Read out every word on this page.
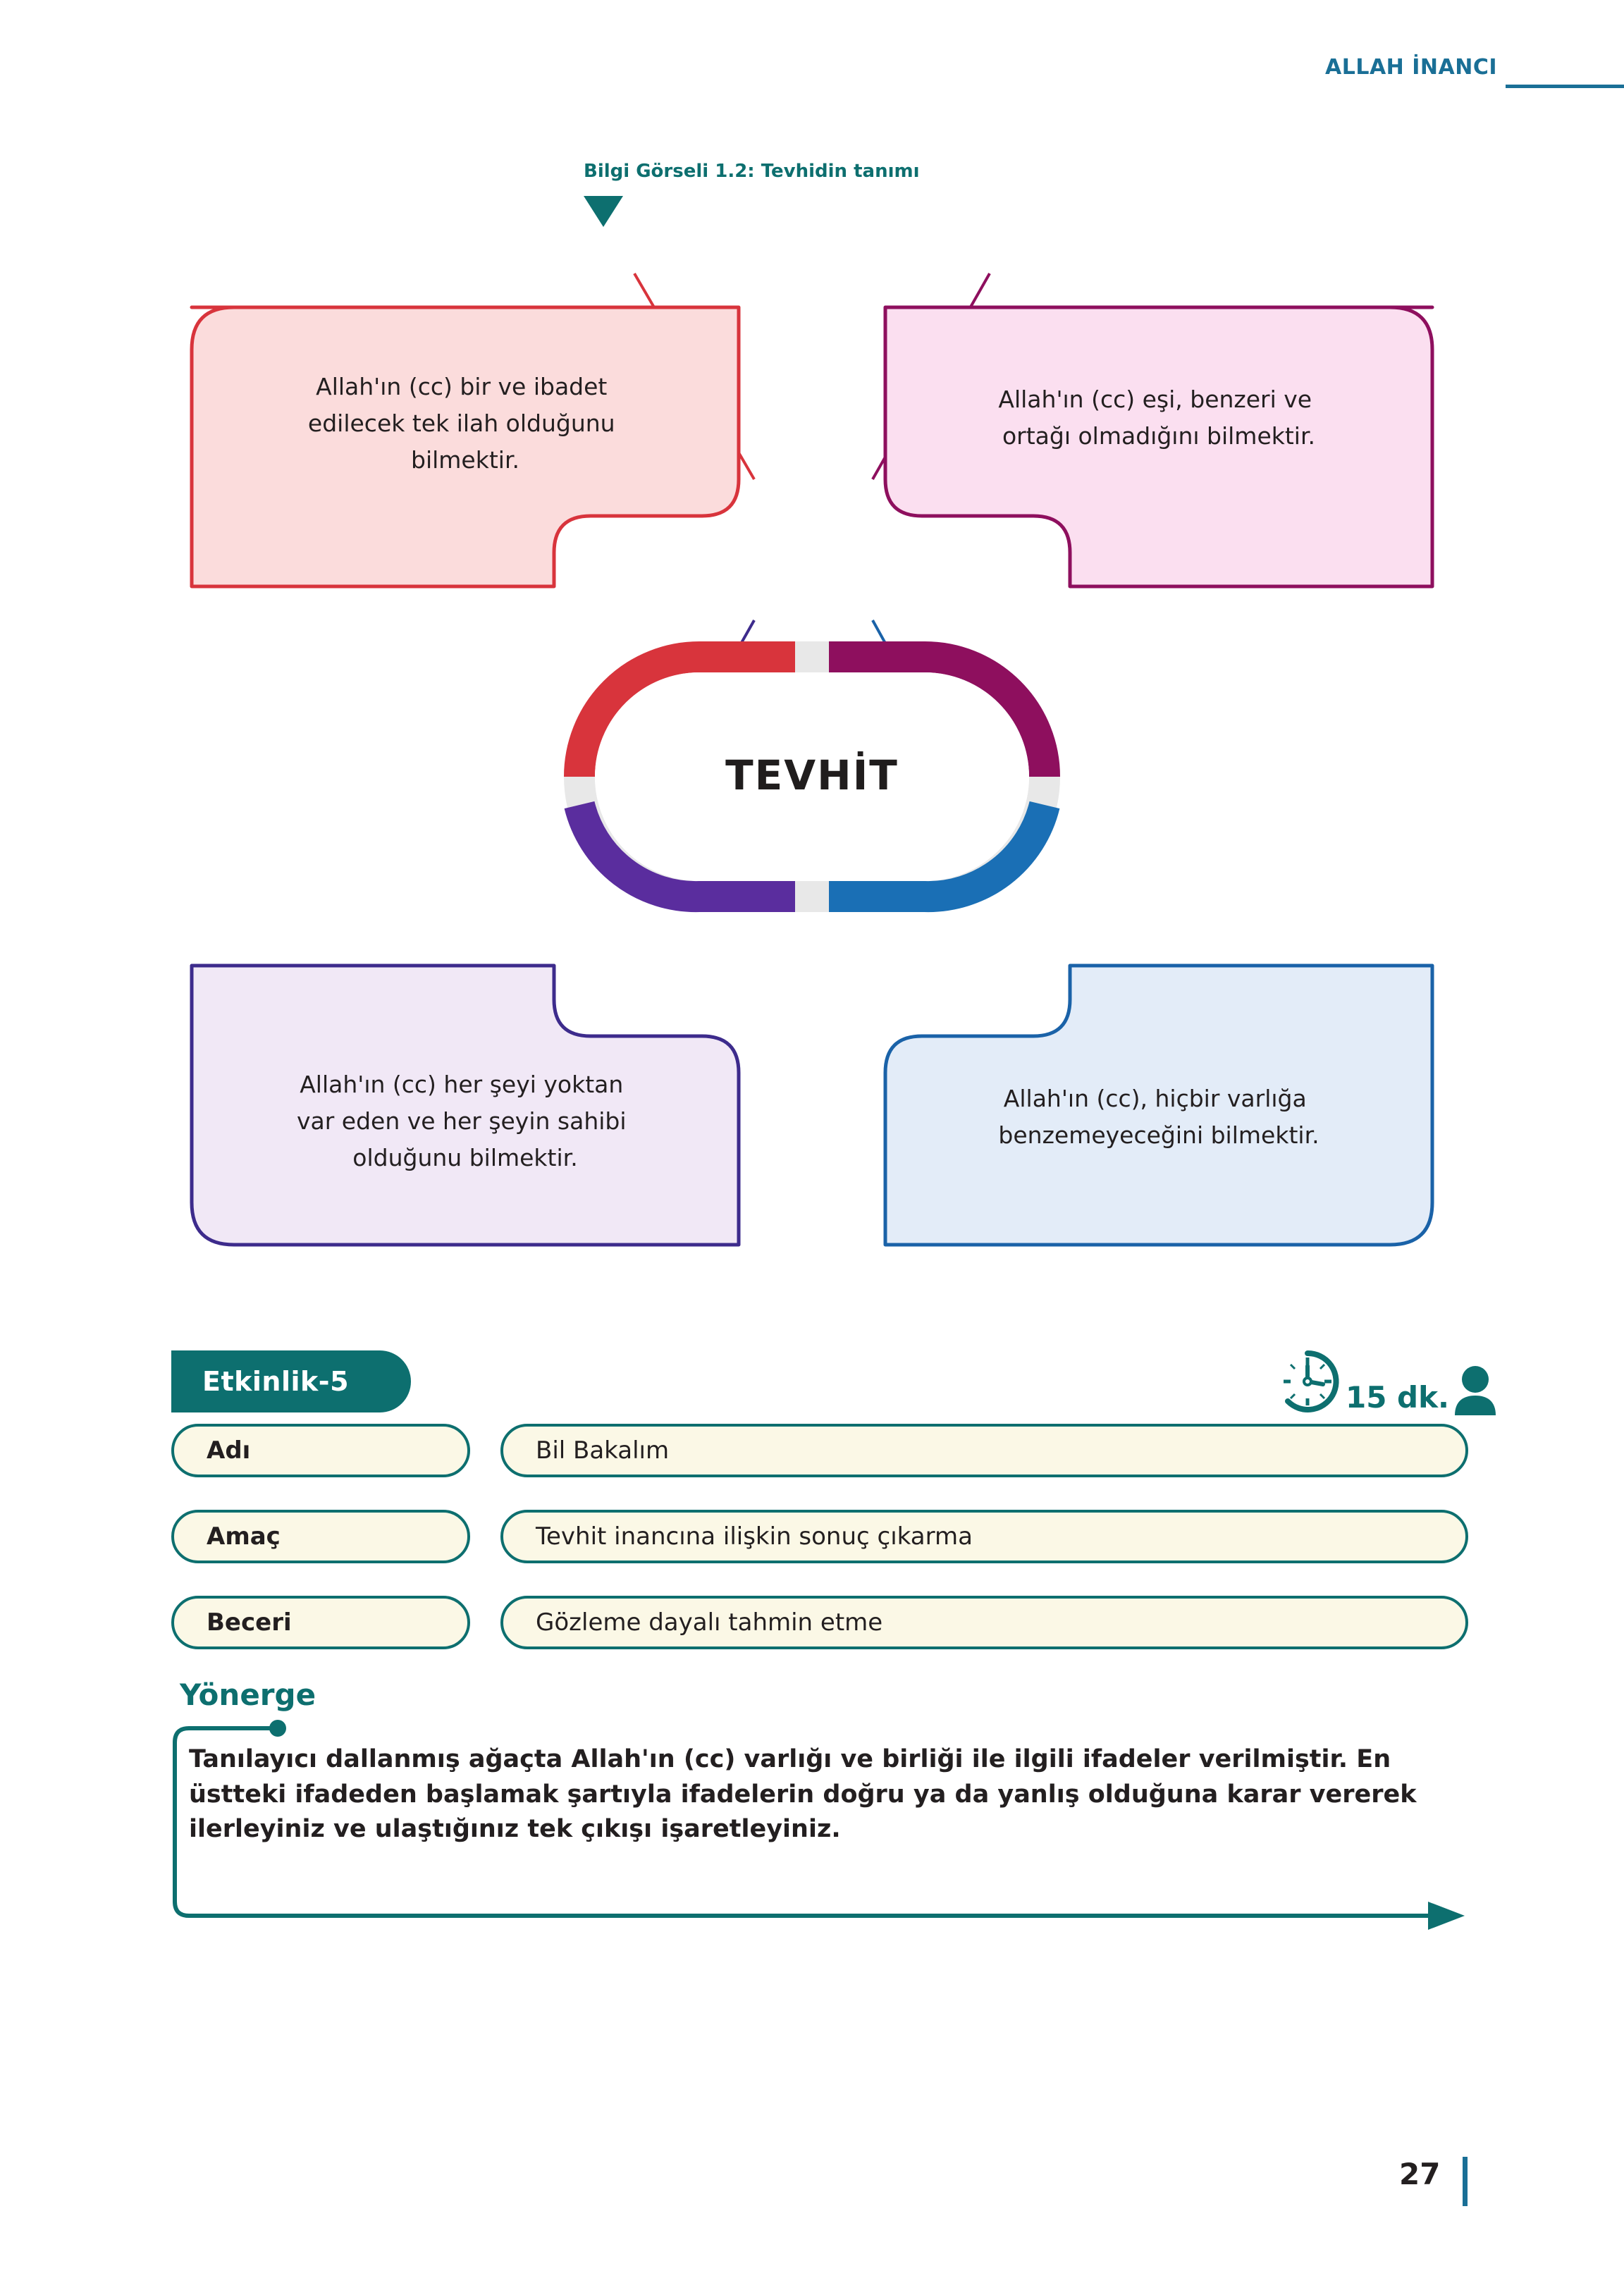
ALLAH İNANCI
Bilgi Görseli 1.2: Tevhidin tanımı
Allah'ın (cc) bir ve ibadet edilecek tek ilah olduğunu bilmektir.
Allah'ın (cc) eşi, benzeri ve ortağı olmadığını bilmektir.
TEVHİT
Allah'ın (cc) her şeyi yoktan var eden ve her şeyin sahibi olduğunu bilmektir.
Allah'ın (cc), hiçbir varlığa benzemeyeceğini bilmektir.
Etkinlik-5	15 dk.
Adı	Bil Bakalım
Amaç	Tevhit inancına ilişkin sonuç çıkarma
Beceri	Gözleme dayalı tahmin etme
Yönerge
Tanılayıcı dallanmış ağaçta Allah'ın (cc) varlığı ve birliği ile ilgili ifadeler verilmiştir. En üstteki ifadeden başlamak şartıyla ifadelerin doğru ya da yanlış olduğuna karar vererek ilerleyiniz ve ulaştığınız tek çıkışı işaretleyiniz.
27
